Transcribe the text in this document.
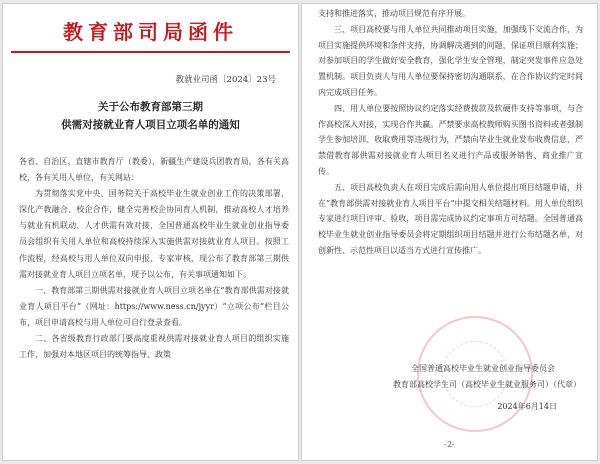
教育部司局函件
教就业司函〔2024〕23号
关于公布教育部第三期
供需对接就业育人项目立项名单的通知

各省、自治区、直辖市教育厅（教委），新疆生产建设兵团教育局，各有关高校，各有关用人单位，有关网站：

为贯彻落实党中央、国务院关于高校毕业生就业创业工作的决策部署，深化产教融合、校企合作，健全完善校企协同育人机制，推动高校人才培养与就业有机联动、人才供需有效对接，全国普通高校毕业生就业创业指导委员会组织有关用人单位和高校持续深入实施供需对接就业育人项目。按照工作流程，经高校与用人单位双向申报、专家审核，现公布了教育部第三期供需对接就业育人项目立项名单，现予以公布，有关事项通知如下。

一、教育部第三期供需对接就业育人项目立项名单在“教育部供需对接就业育人项目平台”（网址：https://www.ness.cn/jyyr）“立项公布”栏目公布，项目申请高校与用人单位可自行登录查看。

二、各省级教育行政部门要高度重视供需对接就业育人项目的组织实施工作，加强对本地区项目的统筹指导、政策

支持和推进落实，推动项目规范有序开展。

三、项目高校要与用人单位共同推动项目实施，加强线下交流合作，为项目实施提供环境和条件支持，协调解决遇到的问题，保证项目顺利实施；对参加项目的学生做好安全教育，强化学生安全管理，制定突发事件应急处置机制。项目负责人与用人单位要保持密切沟通联系，在合作协议约定时间内完成项目任务。

四、用人单位要按照协议约定落实经费拨款及软硬件支持等事项，与合作高校深入对接，实现合作共赢。严禁要求高校教师购买图书资料或者强制学生参加培训、收取费用等违规行为，严禁向毕业生就业发布收费信息，严禁借教育部供需对接就业育人项目名义进行产品或服务销售、商业推广宣传。

五、项目高校负责人在项目完成后需向用人单位提出项目结题申请，并在“教育部供需对接就业育人项目平台”中提交相关结题材料。用人单位组织专家进行项目评审、验收，项目需完成协议约定事项方可结题。全国普通高校毕业生就业创业指导委员会将定期组织项目结题并进行公布结题名单，对创新性、示范性项目以适当方式进行宣传推广。

全国普通高校毕业生就业创业指导委员会
教育部高校学生司（高校毕业生就业服务司）（代章）
2024年6月14日
-2-
